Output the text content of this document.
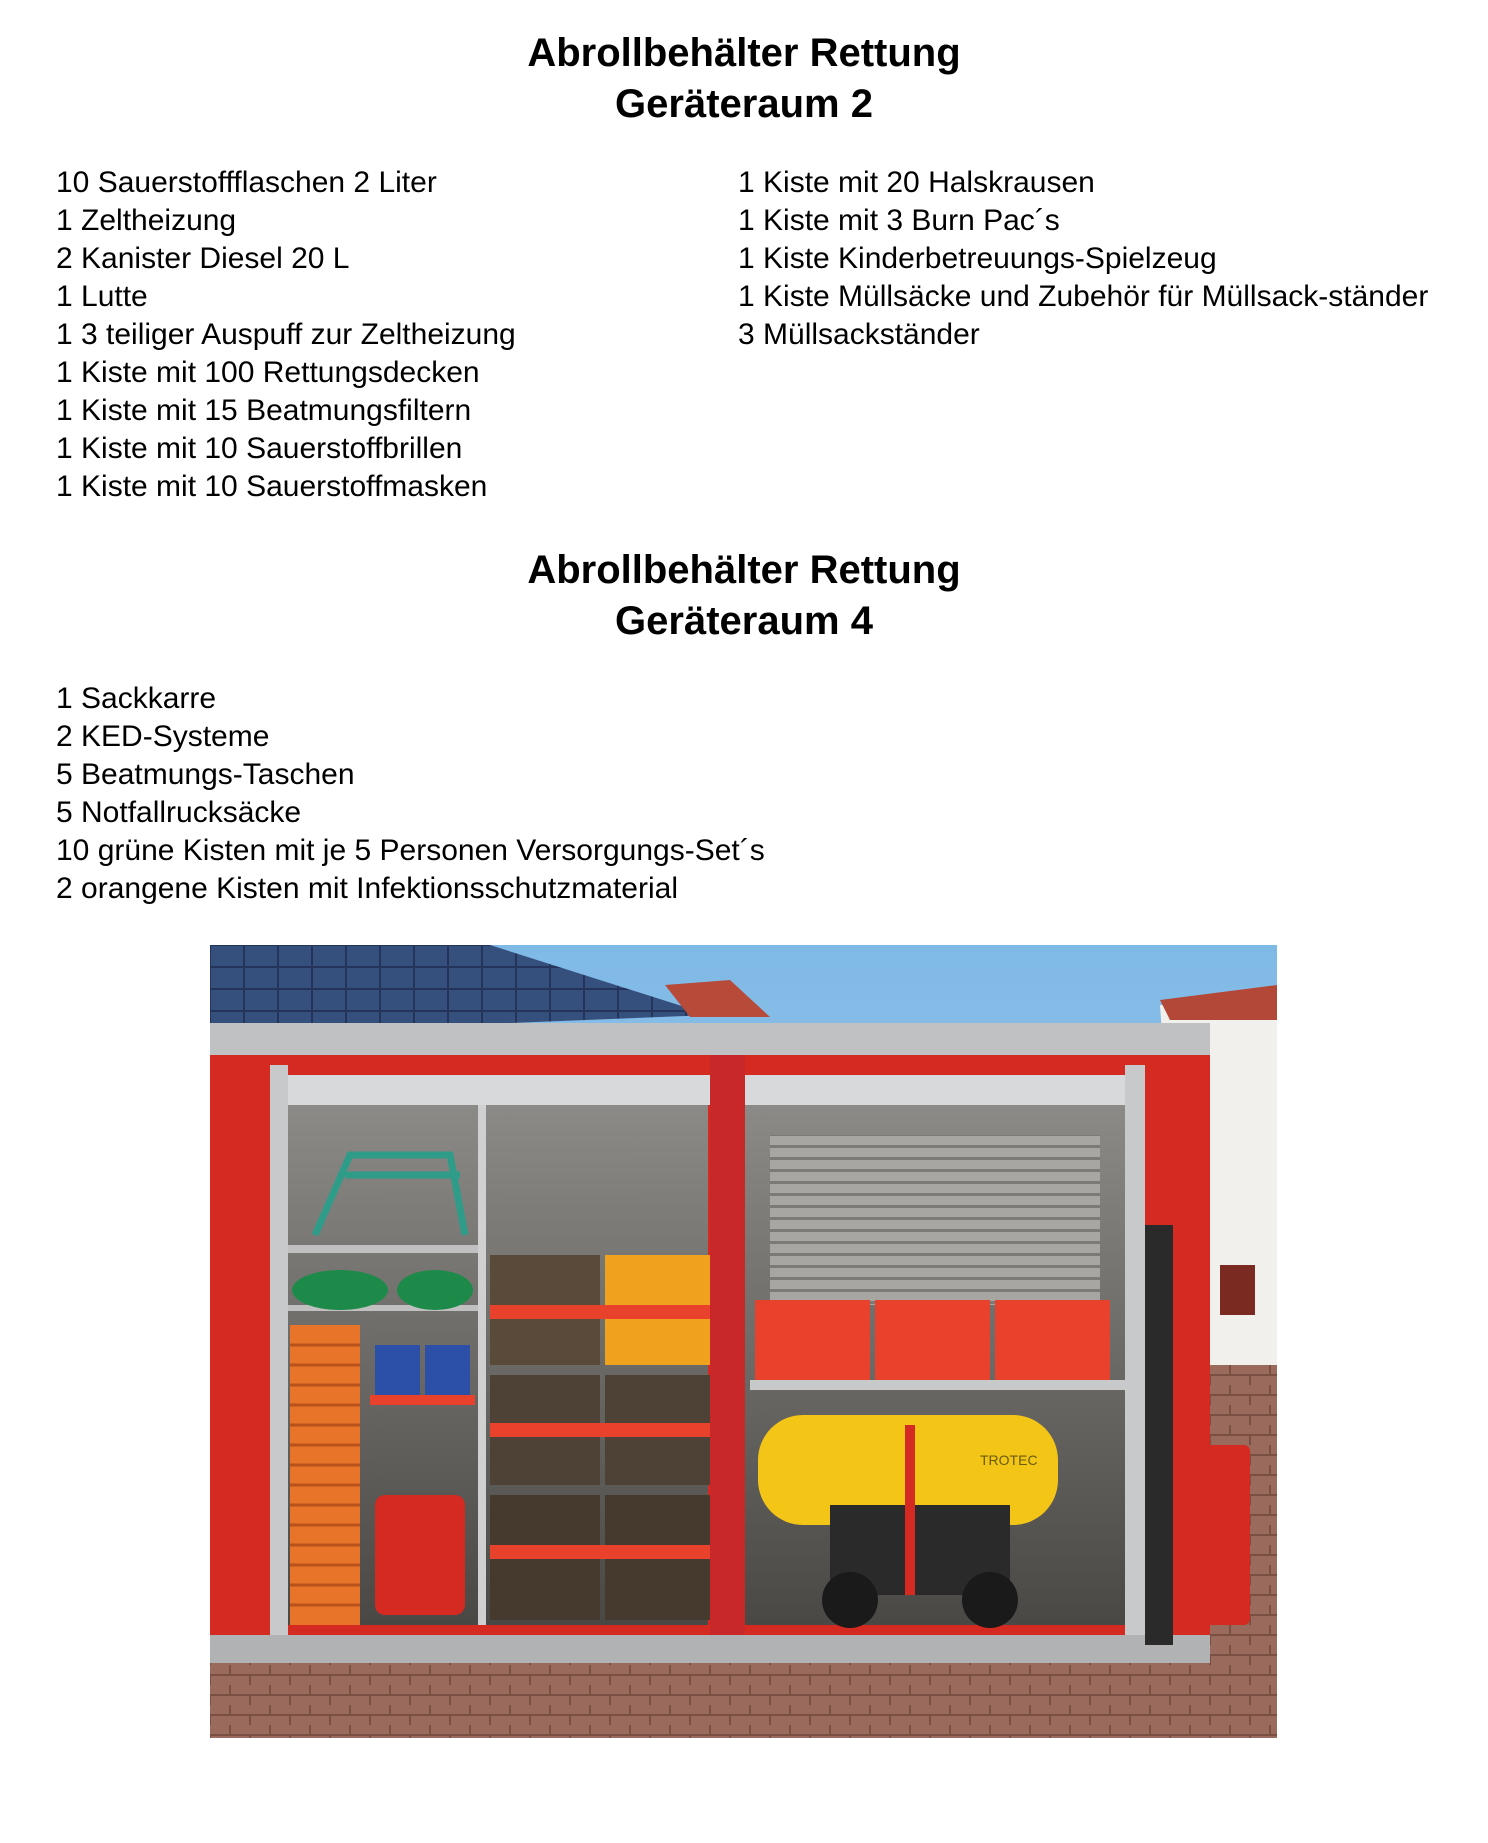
Abrollbehälter Rettung
Geräteraum 2
10 Sauerstoffflaschen 2 Liter
1 Zeltheizung
2 Kanister Diesel 20 L
1 Lutte
1 3 teiliger Auspuff zur Zeltheizung
1 Kiste mit 100 Rettungsdecken
1 Kiste mit 15 Beatmungsfiltern
1 Kiste mit 10 Sauerstoffbrillen
1 Kiste mit 10 Sauerstoffmasken
1 Kiste mit 20 Halskrausen
1 Kiste mit 3 Burn Pac´s
1 Kiste Kinderbetreuungs-Spielzeug
1 Kiste Müllsäcke und Zubehör für Müllsack-ständer
3 Müllsackständer
Abrollbehälter Rettung
Geräteraum 4
1 Sackkarre
2 KED-Systeme
5 Beatmungs-Taschen
5 Notfallrucksäcke
10 grüne Kisten mit je 5 Personen Versorgungs-Set´s
2 orangene Kisten mit Infektionsschutzmaterial
TROTEC
